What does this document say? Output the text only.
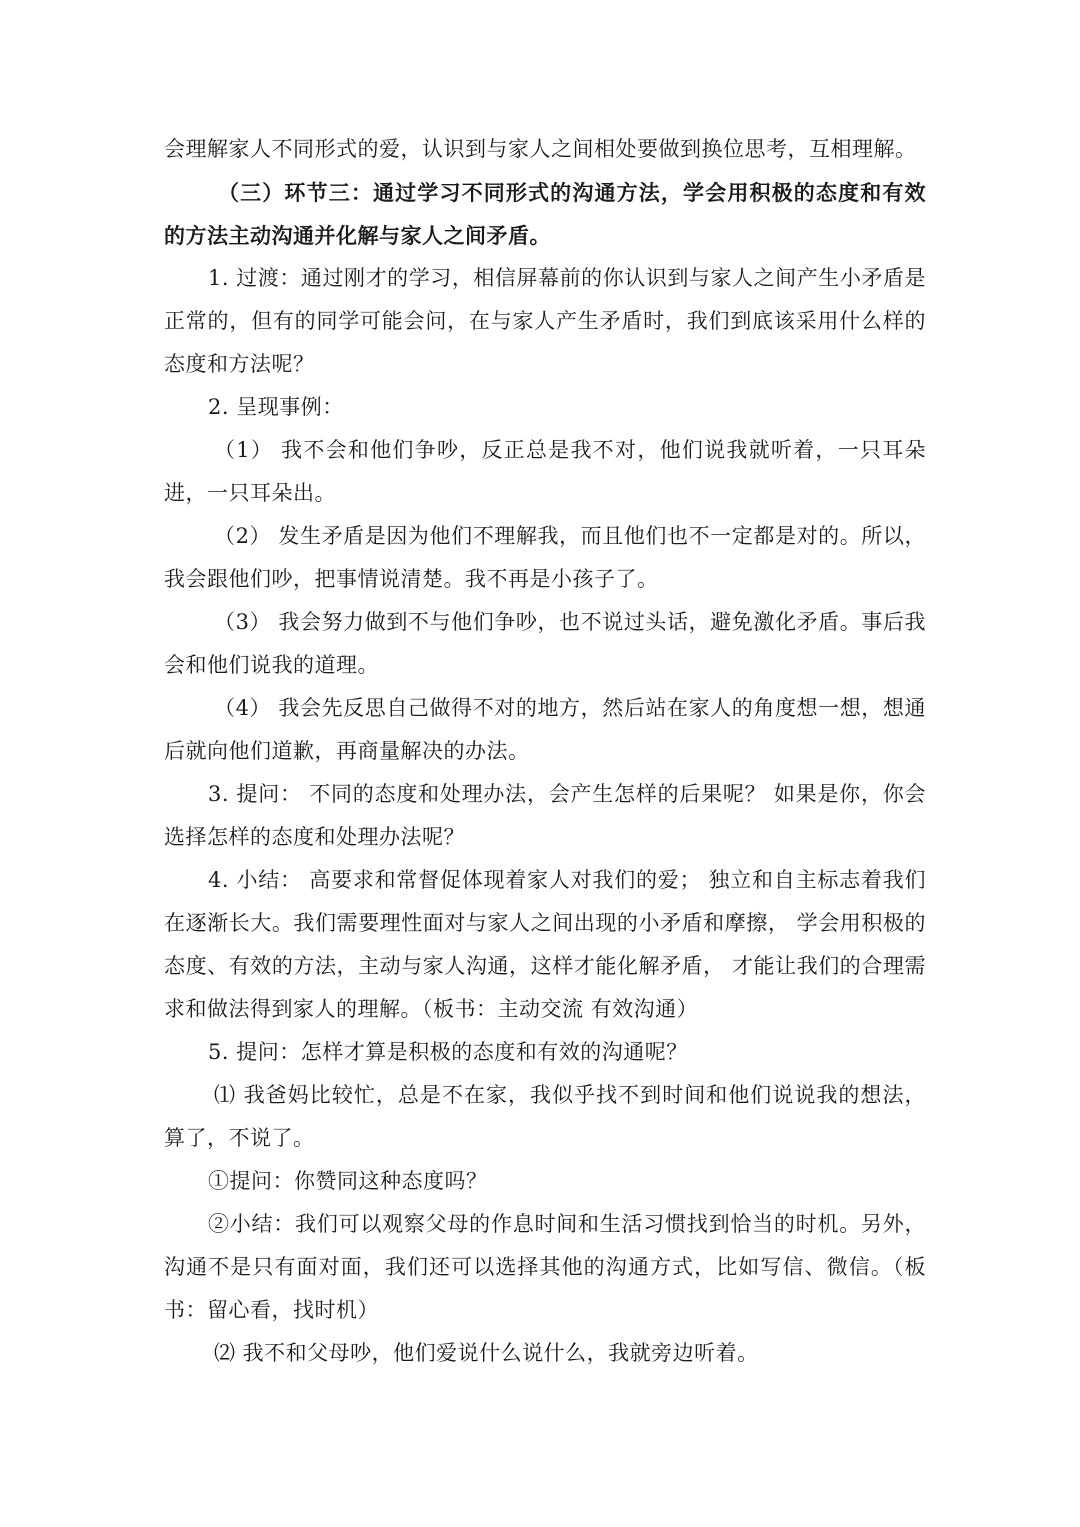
会理解家人不同形式的爱，认识到与家人之间相处要做到换位思考，互相理解。

（三）环节三：通过学习不同形式的沟通方法，学会用积极的态度和有效的方法主动沟通并化解与家人之间矛盾。

1. 过渡：通过刚才的学习，相信屏幕前的你认识到与家人之间产生小矛盾是正常的，但有的同学可能会问，在与家人产生矛盾时，我们到底该采用什么样的态度和方法呢？

2. 呈现事例：

（1） 我不会和他们争吵，反正总是我不对，他们说我就听着，一只耳朵进，一只耳朵出。

（2） 发生矛盾是因为他们不理解我，而且他们也不一定都是对的。所以，我会跟他们吵，把事情说清楚。我不再是小孩子了。

（3） 我会努力做到不与他们争吵，也不说过头话，避免激化矛盾。事后我会和他们说我的道理。

（4） 我会先反思自己做得不对的地方，然后站在家人的角度想一想，想通后就向他们道歉，再商量解决的办法。

3. 提问： 不同的态度和处理办法，会产生怎样的后果呢？ 如果是你，你会选择怎样的态度和处理办法呢？

4. 小结： 高要求和常督促体现着家人对我们的爱； 独立和自主标志着我们在逐渐长大。我们需要理性面对与家人之间出现的小矛盾和摩擦， 学会用积极的态度、有效的方法，主动与家人沟通，这样才能化解矛盾， 才能让我们的合理需求和做法得到家人的理解。（板书：主动交流 有效沟通）

5. 提问：怎样才算是积极的态度和有效的沟通呢？

⑴ 我爸妈比较忙，总是不在家，我似乎找不到时间和他们说说我的想法，算了，不说了。

①提问：你赞同这种态度吗？

②小结：我们可以观察父母的作息时间和生活习惯找到恰当的时机。另外，沟通不是只有面对面，我们还可以选择其他的沟通方式，比如写信、微信。（板书：留心看，找时机）

⑵ 我不和父母吵，他们爱说什么说什么，我就旁边听着。
